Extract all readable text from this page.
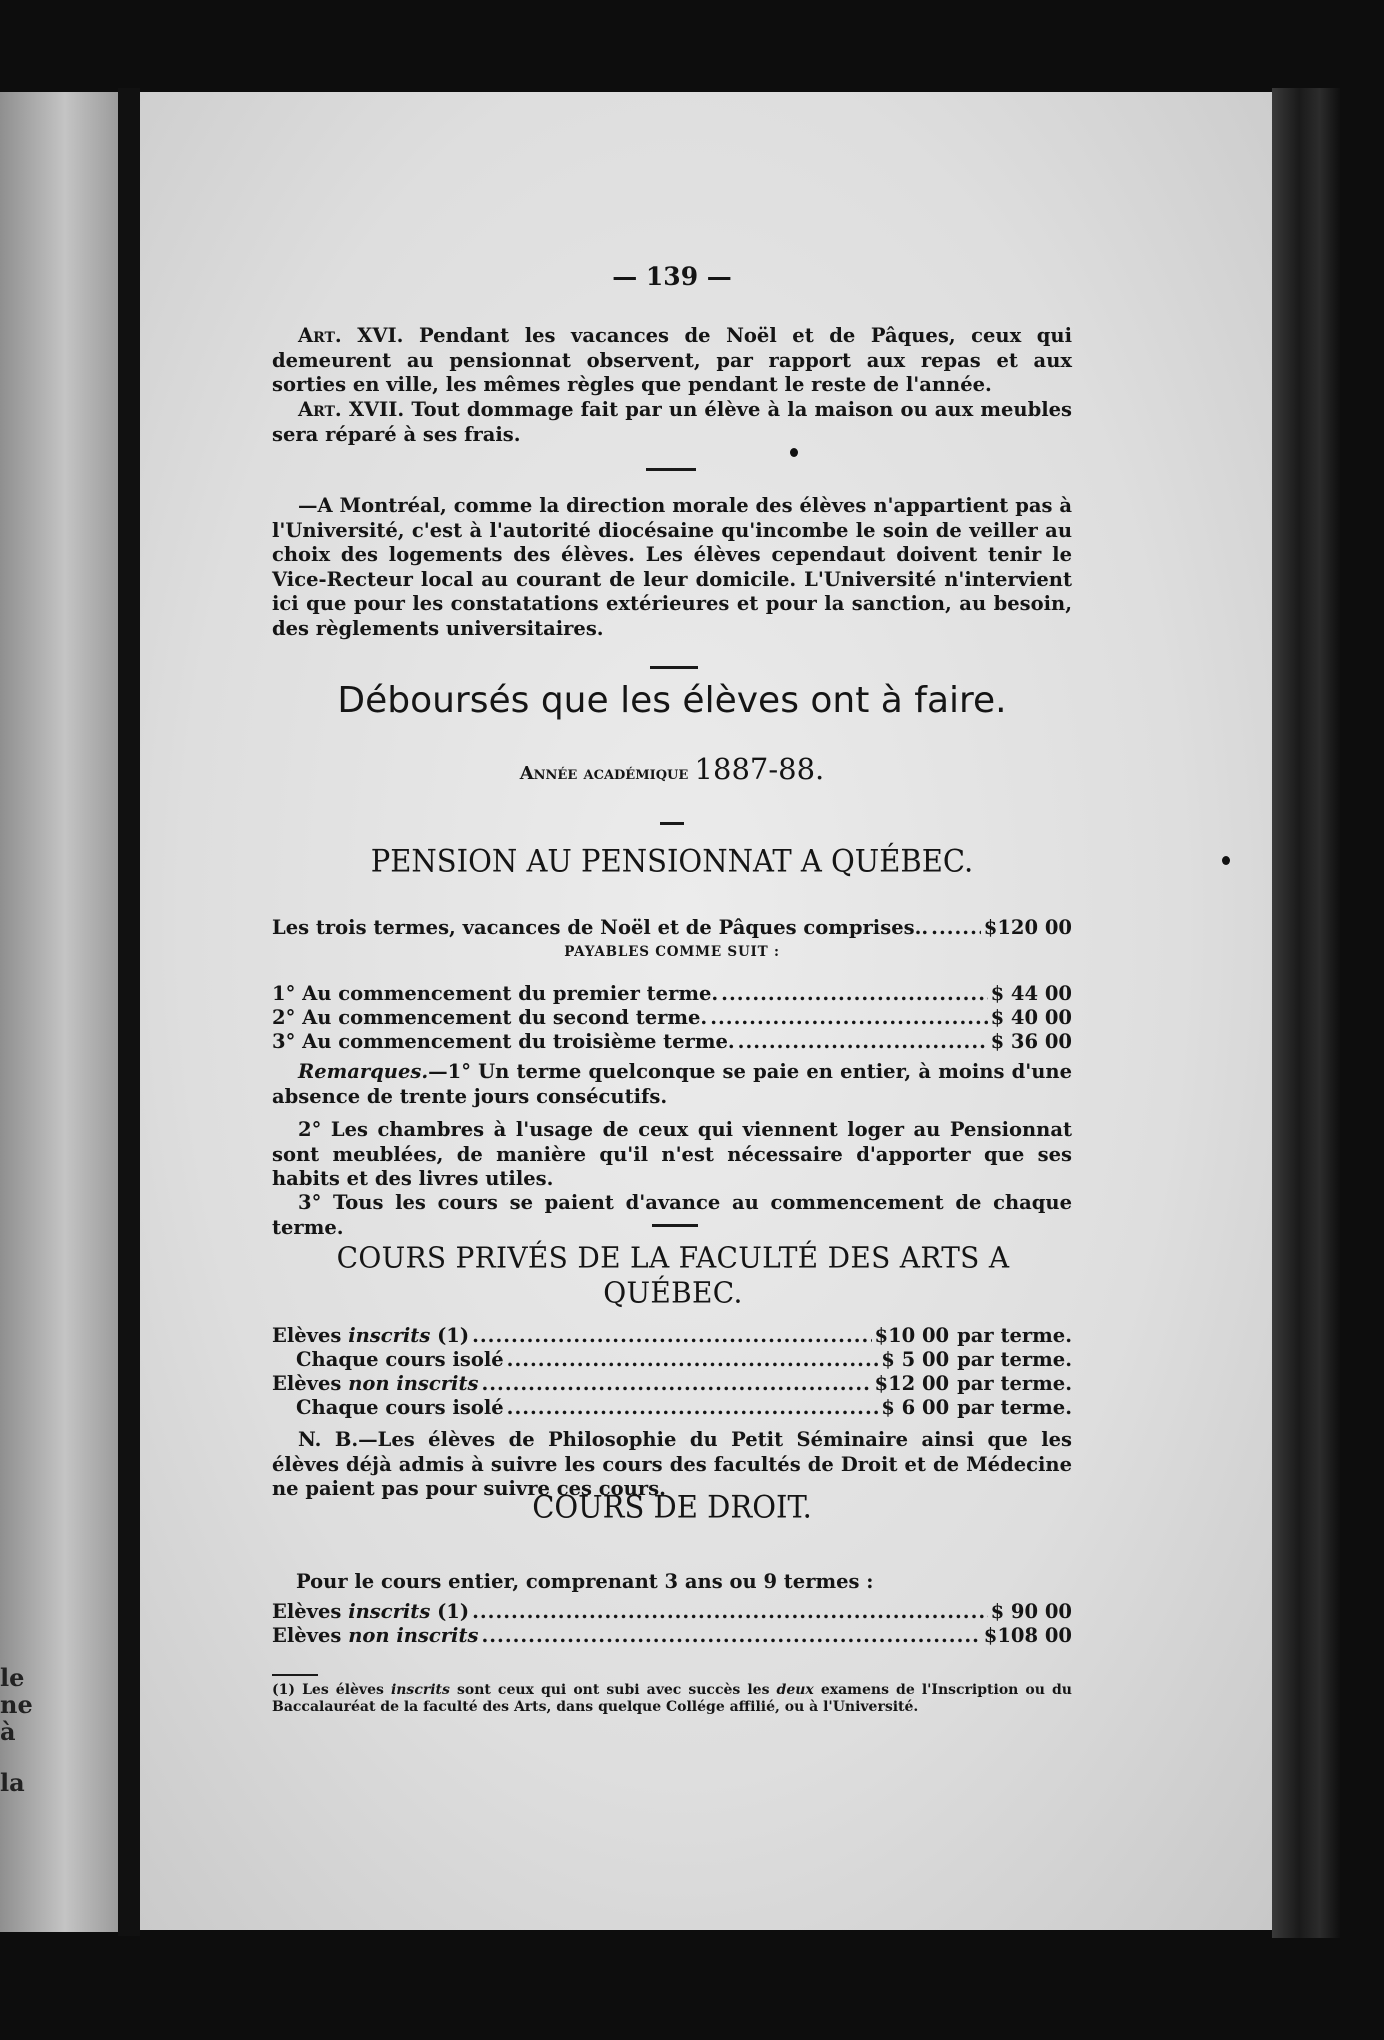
le
ne
à
la
— 139 —

Art. XVI. Pendant les vacances de Noël et de Pâques, ceux qui demeurent au pensionnat observent, par rapport aux repas et aux sorties en ville, les mêmes règles que pendant le reste de l'année.

Art. XVII. Tout dommage fait par un élève à la maison ou aux meubles sera réparé à ses frais.

—A Montréal, comme la direction morale des élèves n'appartient pas à l'Université, c'est à l'autorité diocésaine qu'incombe le soin de veiller au choix des logements des élèves. Les élèves cependaut doivent tenir le Vice-Recteur local au courant de leur domicile. L'Université n'intervient ici que pour les constatations extérieures et pour la sanction, au besoin, des règlements universitaires.

Déboursés que les élèves ont à faire.
Année académique 1887-88.
PENSION AU PENSIONNAT A QUÉBEC.
Les trois termes, vacances de Noël et de Pâques comprises.. .....	$120 00
PAYABLES COMME SUIT :
1° Au commencement du premier terme. .....	$ 44 00
2° Au commencement du second terme. .....	$ 40 00
3° Au commencement du troisième terme. .....	$ 36 00

Remarques.—1° Un terme quelconque se paie en entier, à moins d'une absence de trente jours consécutifs.

2° Les chambres à l'usage de ceux qui viennent loger au Pensionnat sont meublées, de manière qu'il n'est nécessaire d'apporter que ses habits et des livres utiles.

3° Tous les cours se paient d'avance au commencement de chaque terme.

COURS PRIVÉS DE LA FACULTÉ DES ARTS A QUÉBEC.
Elèves inscrits (1) .....	$10 00 par terme.
Chaque cours isolé .....	$ 5 00 par terme.
Elèves non inscrits .....	$12 00 par terme.
Chaque cours isolé .....	$ 6 00 par terme.

N. B.—Les élèves de Philosophie du Petit Séminaire ainsi que les élèves déjà admis à suivre les cours des facultés de Droit et de Médecine ne paient pas pour suivre ces cours.

COURS DE DROIT.
Pour le cours entier, comprenant 3 ans ou 9 termes :
Elèves inscrits (1) .....	$ 90 00
Elèves non inscrits .....	$108 00

(1) Les élèves inscrits sont ceux qui ont subi avec succès les deux examens de l'Inscription ou du Baccalauréat de la faculté des Arts, dans quelque Collége affilié, ou à l'Université.
